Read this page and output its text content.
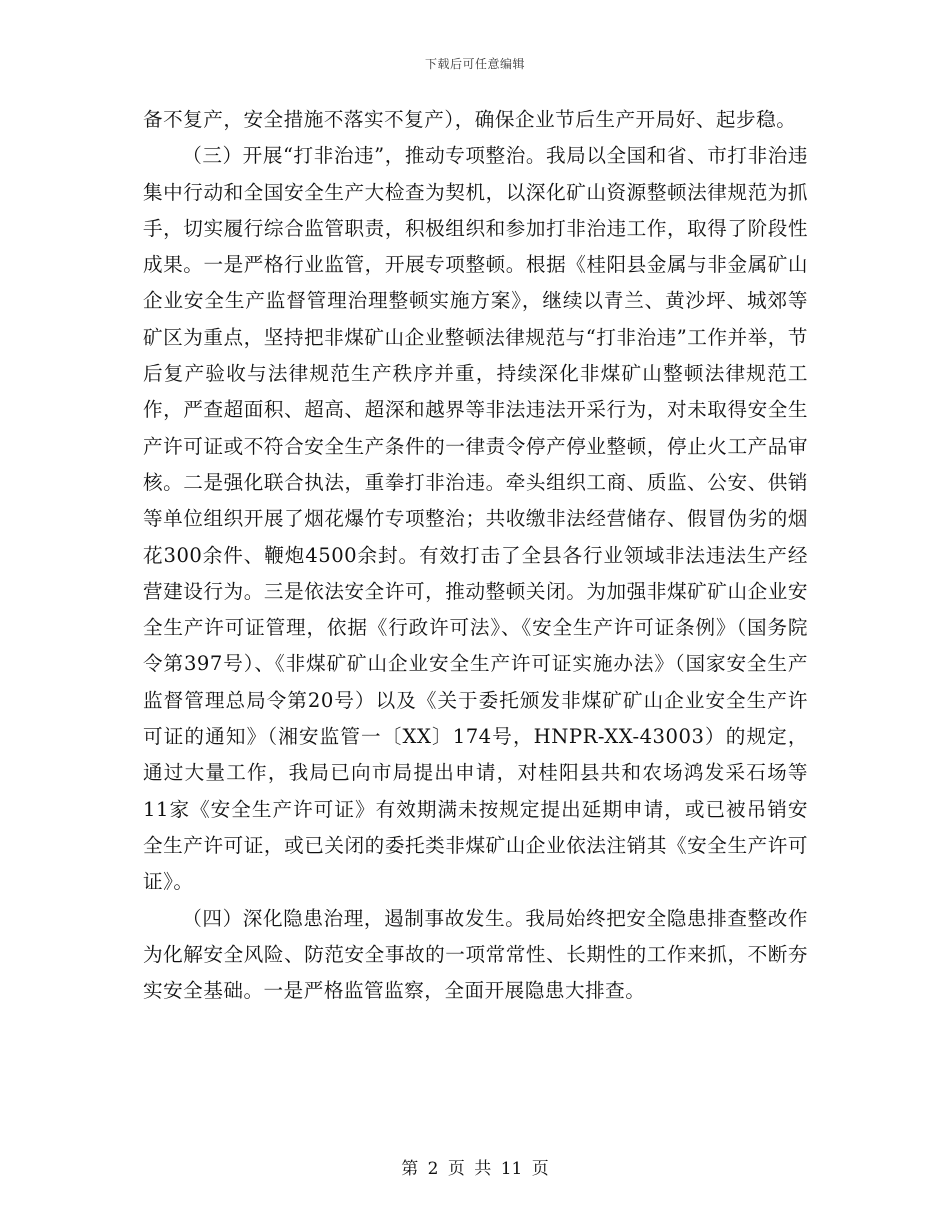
下载后可任意编辑

备不复产，安全措施不落实不复产），确保企业节后生产开局好、起步稳。

（三）开展“打非治违”，推动专项整治。我局以全国和省、市打非治违集中行动和全国安全生产大检查为契机，以深化矿山资源整顿法律规范为抓手，切实履行综合监管职责，积极组织和参加打非治违工作，取得了阶段性成果。一是严格行业监管，开展专项整顿。根据《桂阳县金属与非金属矿山企业安全生产监督管理治理整顿实施方案》，继续以青兰、黄沙坪、城郊等矿区为重点，坚持把非煤矿山企业整顿法律规范与“打非治违”工作并举，节后复产验收与法律规范生产秩序并重，持续深化非煤矿山整顿法律规范工作，严查超面积、超高、超深和越界等非法违法开采行为，对未取得安全生产许可证或不符合安全生产条件的一律责令停产停业整顿，停止火工产品审核。二是强化联合执法，重拳打非治违。牵头组织工商、质监、公安、供销等单位组织开展了烟花爆竹专项整治；共收缴非法经营储存、假冒伪劣的烟花300余件、鞭炮4500余封。有效打击了全县各行业领域非法违法生产经营建设行为。三是依法安全许可，推动整顿关闭。为加强非煤矿矿山企业安全生产许可证管理，依据《行政许可法》、《安全生产许可证条例》（国务院令第397号）、《非煤矿矿山企业安全生产许可证实施办法》（国家安全生产监督管理总局令第20号）以及《关于委托颁发非煤矿矿山企业安全生产许可证的通知》（湘安监管一〔XX〕174号，HNPR-XX-43003）的规定，通过大量工作，我局已向市局提出申请，对桂阳县共和农场鸿发采石场等11家《安全生产许可证》有效期满未按规定提出延期申请，或已被吊销安全生产许可证，或已关闭的委托类非煤矿山企业依法注销其《安全生产许可证》。

（四）深化隐患治理，遏制事故发生。我局始终把安全隐患排查整改作为化解安全风险、防范安全事故的一项常常性、长期性的工作来抓，不断夯实安全基础。一是严格监管监察，全面开展隐患大排查。

第 2 页 共 11 页
